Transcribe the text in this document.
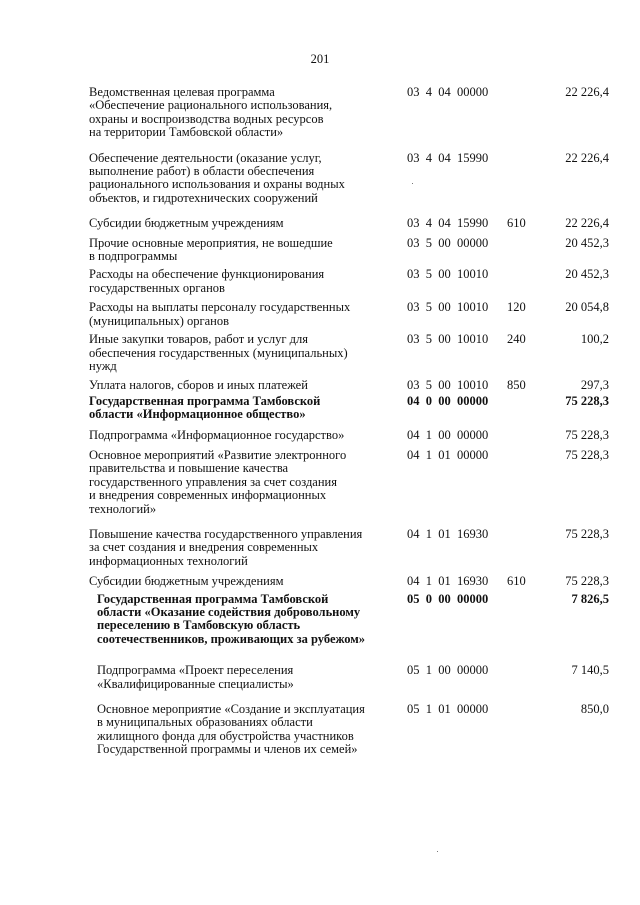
201
Ведомственная целевая программа
«Обеспечение рационального использования,
охраны и воспроизводства водных ресурсов
на территории Тамбовской области»
03  4  04  00000	22 226,4
Обеспечение деятельности (оказание услуг,
выполнение работ) в области обеспечения
рационального использования и охраны водных
объектов, и гидротехнических сооружений
03  4  04  15990	22 226,4
Субсидии бюджетным учреждениям	03  4  04  15990 610	22 226,4
Прочие основные мероприятия, не вошедшие
в подпрограммы
03  5  00  00000	20 452,3
Расходы на обеспечение функционирования
государственных органов
03  5  00  10010	20 452,3
Расходы на выплаты персоналу государственных
(муниципальных) органов
03  5  00  10010 120	20 054,8
Иные закупки товаров, работ и услуг для
обеспечения государственных (муниципальных)
нужд
03  5  00  10010 240	100,2
Уплата налогов, сборов и иных платежей	03  5  00  10010 850	297,3
Государственная программа Тамбовской
области «Информационное общество»
04  0  00  00000	75 228,3
Подпрограмма «Информационное государство»	04  1  00  00000	75 228,3
Основное мероприятий «Развитие электронного
правительства и повышение качества
государственного управления за счет создания
и внедрения современных информационных
технологий»
04  1  01  00000	75 228,3
Повышение качества государственного управления
за счет создания и внедрения современных
информационных технологий
04  1  01  16930	75 228,3
Субсидии бюджетным учреждениям	04  1  01  16930 610	75 228,3
Государственная программа Тамбовской
области «Оказание содействия добровольному
переселению в Тамбовскую область
соотечественников, проживающих за рубежом»
05  0  00  00000	7 826,5
Подпрограмма «Проект переселения
«Квалифицированные специалисты»
05  1  00  00000	7 140,5
Основное мероприятие «Создание и эксплуатация
в муниципальных образованиях области
жилищного фонда для обустройства участников
Государственной программы и членов их семей»
05  1  01  00000	850,0
